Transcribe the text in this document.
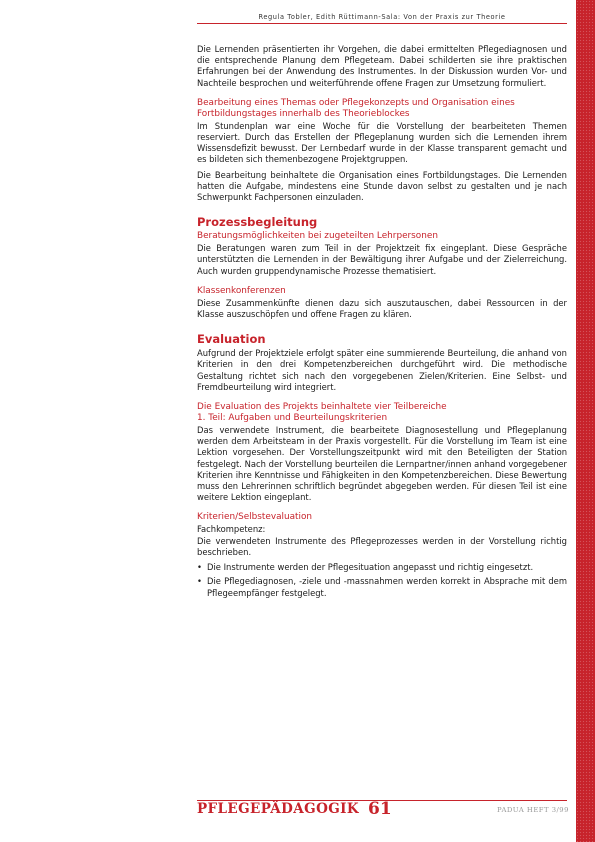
Regula Tobler, Edith Rüttimann-Sala: Von der Praxis zur Theorie

Die Lernenden präsentierten ihr Vorgehen, die dabei ermittelten Pflegediagnosen und die entsprechende Planung dem Pflegeteam. Dabei schilderten sie ihre praktischen Erfahrungen bei der Anwendung des Instrumentes. In der Diskussion wurden Vor- und Nachteile besprochen und weiterführende offene Fragen zur Umsetzung formuliert.

Bearbeitung eines Themas oder Pflegekonzepts und Organisation eines Fortbildungstages innerhalb des Theorieblockes

Im Stundenplan war eine Woche für die Vorstellung der bearbeiteten Themen reserviert. Durch das Erstellen der Pflegeplanung wurden sich die Lernenden ihrem Wissensdefizit bewusst. Der Lernbedarf wurde in der Klasse transparent gemacht und es bildeten sich themenbezogene Projektgruppen.

Die Bearbeitung beinhaltete die Organisation eines Fortbildungstages. Die Lernenden hatten die Aufgabe, mindestens eine Stunde davon selbst zu gestalten und je nach Schwerpunkt Fachpersonen einzuladen.

Prozessbegleitung
Beratungsmöglichkeiten bei zugeteilten Lehrpersonen

Die Beratungen waren zum Teil in der Projektzeit fix eingeplant. Diese Gespräche unterstützten die Lernenden in der Bewältigung ihrer Aufgabe und der Zielerreichung. Auch wurden gruppendynamische Prozesse thematisiert.

Klassenkonferenzen

Diese Zusammenkünfte dienen dazu sich auszutauschen, dabei Ressourcen in der Klasse auszuschöpfen und offene Fragen zu klären.

Evaluation

Aufgrund der Projektziele erfolgt später eine summierende Beurteilung, die anhand von Kriterien in den drei Kompetenzbereichen durchgeführt wird. Die methodische Gestaltung richtet sich nach den vorgegebenen Zielen/Kriterien. Eine Selbst- und Fremdbeurteilung wird integriert.

Die Evaluation des Projekts beinhaltete vier Teilbereiche
1. Teil: Aufgaben und Beurteilungskriterien

Das verwendete Instrument, die bearbeitete Diagnosestellung und Pflegeplanung werden dem Arbeitsteam in der Praxis vorgestellt. Für die Vorstellung im Team ist eine Lektion vorgesehen. Der Vorstellungszeitpunkt wird mit den Beteiligten der Station festgelegt. Nach der Vorstellung beurteilen die Lernpartner/innen anhand vorgegebener Kriterien ihre Kenntnisse und Fähigkeiten in den Kompetenzbereichen. Diese Bewertung muss den Lehrerinnen schriftlich begründet abgegeben werden. Für diesen Teil ist eine weitere Lektion eingeplant.

Kriterien/Selbstevaluation

Fachkompetenz:

Die verwendeten Instrumente des Pflegeprozesses werden in der Vorstellung richtig beschrieben.

• Die Instrumente werden der Pflegesituation angepasst und richtig eingesetzt.
• Die Pflegediagnosen, -ziele und -massnahmen werden korrekt in Absprache mit dem Pflegeempfänger festgelegt.
PFLEGEPÄDAGOGIK 61	PADUA HEFT 3/99
